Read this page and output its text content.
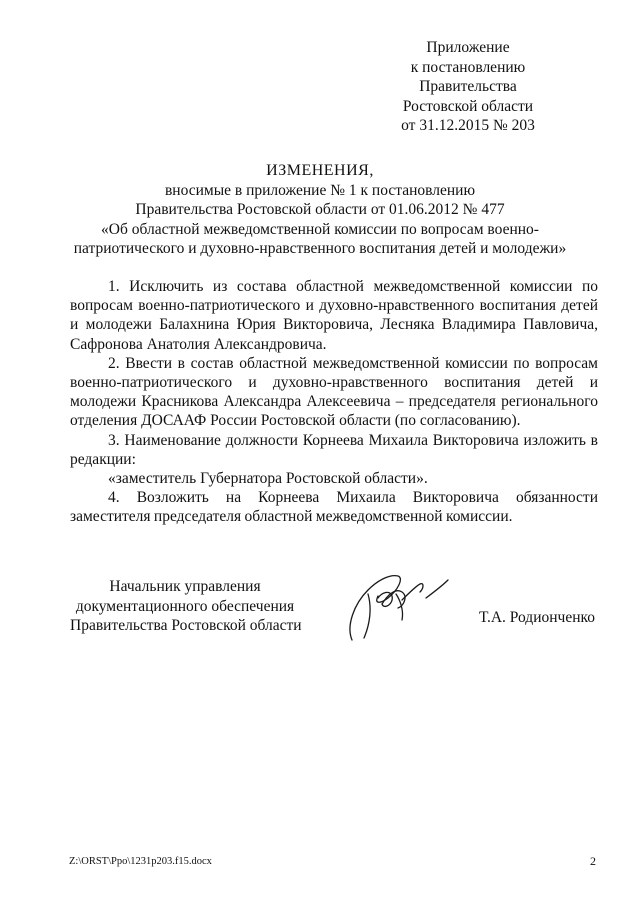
Приложение
к постановлению
Правительства
Ростовской области
от 31.12.2015 № 203
ИЗМЕНЕНИЯ,
вносимые в приложение № 1 к постановлению
Правительства Ростовской области от 01.06.2012 № 477
«Об областной межведомственной комиссии по вопросам военно-
патриотического и духовно-нравственного воспитания детей и молодежи»

1. Исключить из состава областной межведомственной комиссии по вопросам военно-патриотического и духовно-нравственного воспитания детей и молодежи Балахнина Юрия Викторовича, Лесняка Владимира Павловича, Сафронова Анатолия Александровича.

2. Ввести в состав областной межведомственной комиссии по вопросам военно-патриотического и духовно-нравственного воспитания детей и молодежи Красникова Александра Алексеевича – председателя регионального отделения ДОСААФ России Ростовской области (по согласованию).

3. Наименование должности Корнеева Михаила Викторовича изложить в редакции:

«заместитель Губернатора Ростовской области».

4. Возложить на Корнеева Михаила Викторовича обязанности заместителя председателя областной межведомственной комиссии.

Начальник управления
документационного обеспечения
Правительства Ростовской области	Т.А. Родионченко
Z:\ORST\Ppo\1231p203.f15.docx	2
